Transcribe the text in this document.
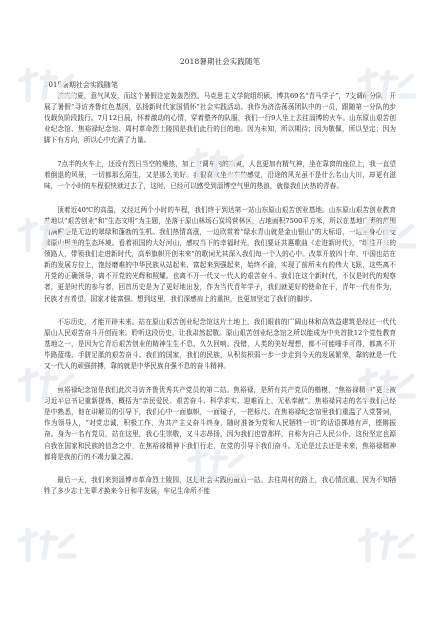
2018暑期社会实践随笔
2018暑期社会实践随笔

济南的夏，意气风发，而这个暑假注定轰轰烈烈。马克思主义学院组织硕、博共69名“青马学子”，7支调研分队，开展了暑假“寻访齐鲁红色基因，弘扬新时代家国情怀”社会实践活动。我作为济浩荡荡团队中的一员，跟随第一分队的步伐载负阶段践行。7月12日晨，怀着激动的心情，穿着整齐的队服，我们一行9人坐上去往淄博的火车。山东原山艰苦创业纪念馆、焦裕禄纪念馆、周村革命烈士陵园是我们此行的目的地。因为未知，所以期待；因为敬佩，所以坚定；因为脚下有方向，所以心中充满了力量。

7点半的火车上，还没有烈日当空的燥热，加上空调车内的凉爽，人也更加有精气神，坐在靠窗的座位上，我一直望着倒退的风景，一切都那么陌生，又是那么美好。我很喜欢坐火车的感觉，沿途的风光虽不是什么名山大川，却更有滋味，一个小时的车程很快就过去了，这时，已经可以感受到淄博空气里的热浪，就像我们火热的青春。

顶着近40℃的高温，又经过两个小时的车程，我们终于到达第一站山东原山艰苦创业基地。山东原山艰苦创业教育基地以“艰苦创业”和“生态文明”为主题，坐落于原山林场石炭坞营林区，占地面积7500平方米，所以在基地广袤的范围内满眼是是无边的翠绿和蓬勃的生机。我们热情高涨，一边欣赏着“绿水青山就是金山银山”的大标语，一边全身心感受着原山极美的生态环境。看着祖国的大好河山，感叹当下的幸福时光，我们要证共惠歌曲《走进新时代》，“继往开来的领路人，带领我们走进新时代，高举旗帜开创未来”的歌词尤其深入我们每一个人的心中。改革开放四十年，中国也站在新的发展方位上，饱经磨难的中华民族从站起来、富起来到强起来，始终不渝，实现了前所未有的伟大飞跃，这些离不开党的正确领导，离不开党的光辉和照耀。也离不开一代又一代人的艰苦奋斗。我们在这个新时代，不仅是时代的观察者，更是时代的参与者，回首历史是为了更好地出发，作为当代青年学子，我们就更好的使命在于，青年一代有作为，民族才有希望，国家才能富强。想到这里，我们深感肩上的重担，也更加坚定了我们的脚步。

不忘历史，才能开辟未来。站在原山艰苦创业纪念馆这片土地上，我们眼前的广阔山林和高效益建筑是经过一代代原山人民艰苦奋斗开创而来。聆听这段历史，让我肃然起敬。原山艰苦创业纪念馆之所以能成为中央首批12个党性教育基地之一，是因为它背后艰苦创业的精神生生不息，久久回响。没错，人类的美好理想，都不可能唾手可得，都离不开毕路蓝缕、手胼足胝的艰苦奋斗。我们的国家，我们的民族，从积贫积弱一步一步走到今天的发展繁荣，靠的就是一代又一代人的顽强拼搏，靠的就是中华民族自强不息的奋斗精神。

焦裕禄纪念馆是我们此次寻访齐鲁优秀共产党员的第二站。焦裕禄，是所有共产党员的楷模，“焦裕禄精神”更是被习近平总书记重新提炼，概括为“亲民爱民、艰苦奋斗、科学求实、迎难而上、无私奉献”。焦裕禄同志的名字我们已经是中熟悉，他在讲解员的引导下，我们心中一面旗帜，一面镜子，一把标尺。在焦裕禄纪念馆里我们重温了入党誓词，作为领导人，“对党忠诚，积极工作，为共产主义奋斗终身，随时准备为党和人民牺牲一切”的话语掷地有声，铿锵振奋。身为一名有党员，站在这里，我心生崇敬，又斗志昂扬，因为我们也曾那样，自称为自己人民公仆，这份坚定也源自我在国家和民族的信念之中，在焦裕禄精神下我们行走，在党的引导下我们奋斗。无论是过去还是未来，焦裕禄精神都将是我前行的不竭力量之源。

最后一天，我们来到淄博市革命烈士陵园，这是社会实践的最后一站。去往周村的路上，我心情沉重。因为不知牺牲了多少志士先辈才换来今日和平发展，牢记生命所不能
